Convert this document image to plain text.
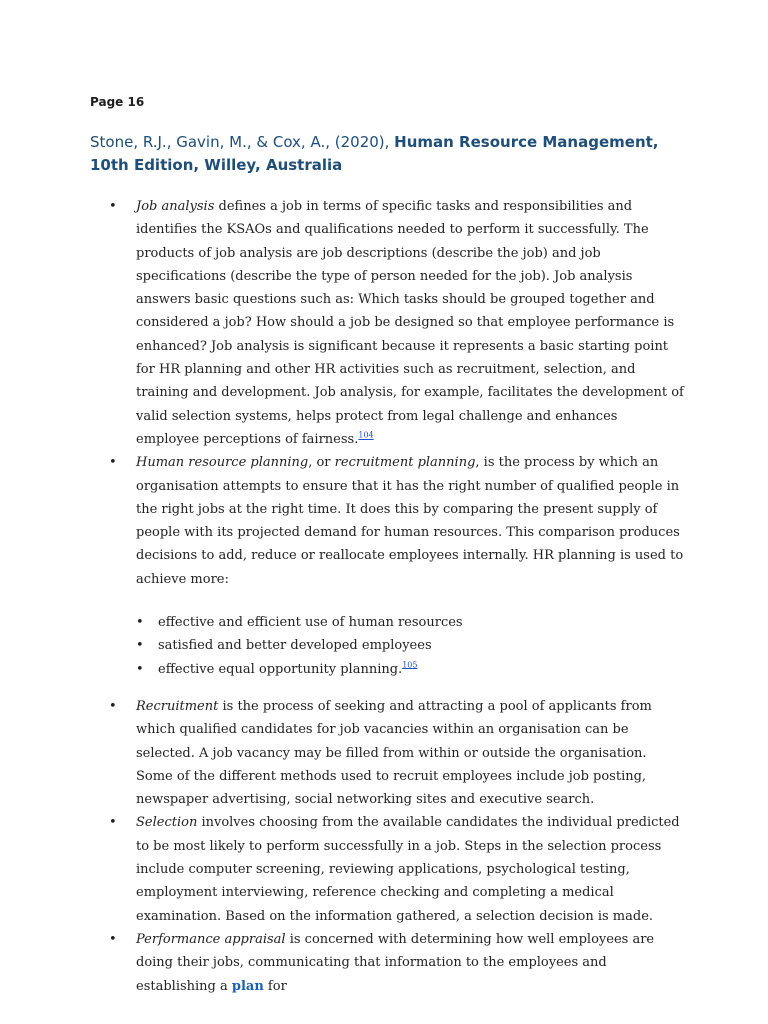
Page 16
Stone, R.J., Gavin, M., & Cox, A., (2020), Human Resource Management, 10th Edition, Willey, Australia
• Job analysis defines a job in terms of specific tasks and responsibilities and identifies the KSAOs and qualifications needed to perform it successfully. The products of job analysis are job descriptions (describe the job) and job specifications (describe the type of person needed for the job). Job analysis answers basic questions such as: Which tasks should be grouped together and considered a job? How should a job be designed so that employee performance is enhanced? Job analysis is significant because it represents a basic starting point for HR planning and other HR activities such as recruitment, selection, and training and development. Job analysis, for example, facilitates the development of valid selection systems, helps protect from legal challenge and enhances employee perceptions of fairness.$^{104}$
• Human resource planning, or recruitment planning, is the process by which an organisation attempts to ensure that it has the right number of qualified people in the right jobs at the right time. It does this by comparing the present supply of people with its projected demand for human resources. This comparison produces decisions to add, reduce or reallocate employees internally. HR planning is used to achieve more:
• effective and efficient use of human resources
• satisfied and better developed employees
• effective equal opportunity planning.$^{105}$
• Recruitment is the process of seeking and attracting a pool of applicants from which qualified candidates for job vacancies within an organisation can be selected. A job vacancy may be filled from within or outside the organisation. Some of the different methods used to recruit employees include job posting, newspaper advertising, social networking sites and executive search.
• Selection involves choosing from the available candidates the individual predicted to be most likely to perform successfully in a job. Steps in the selection process include computer screening, reviewing applications, psychological testing, employment interviewing, reference checking and completing a medical examination. Based on the information gathered, a selection decision is made.
• Performance appraisal is concerned with determining how well employees are doing their jobs, communicating that information to the employees and establishing a plan for
